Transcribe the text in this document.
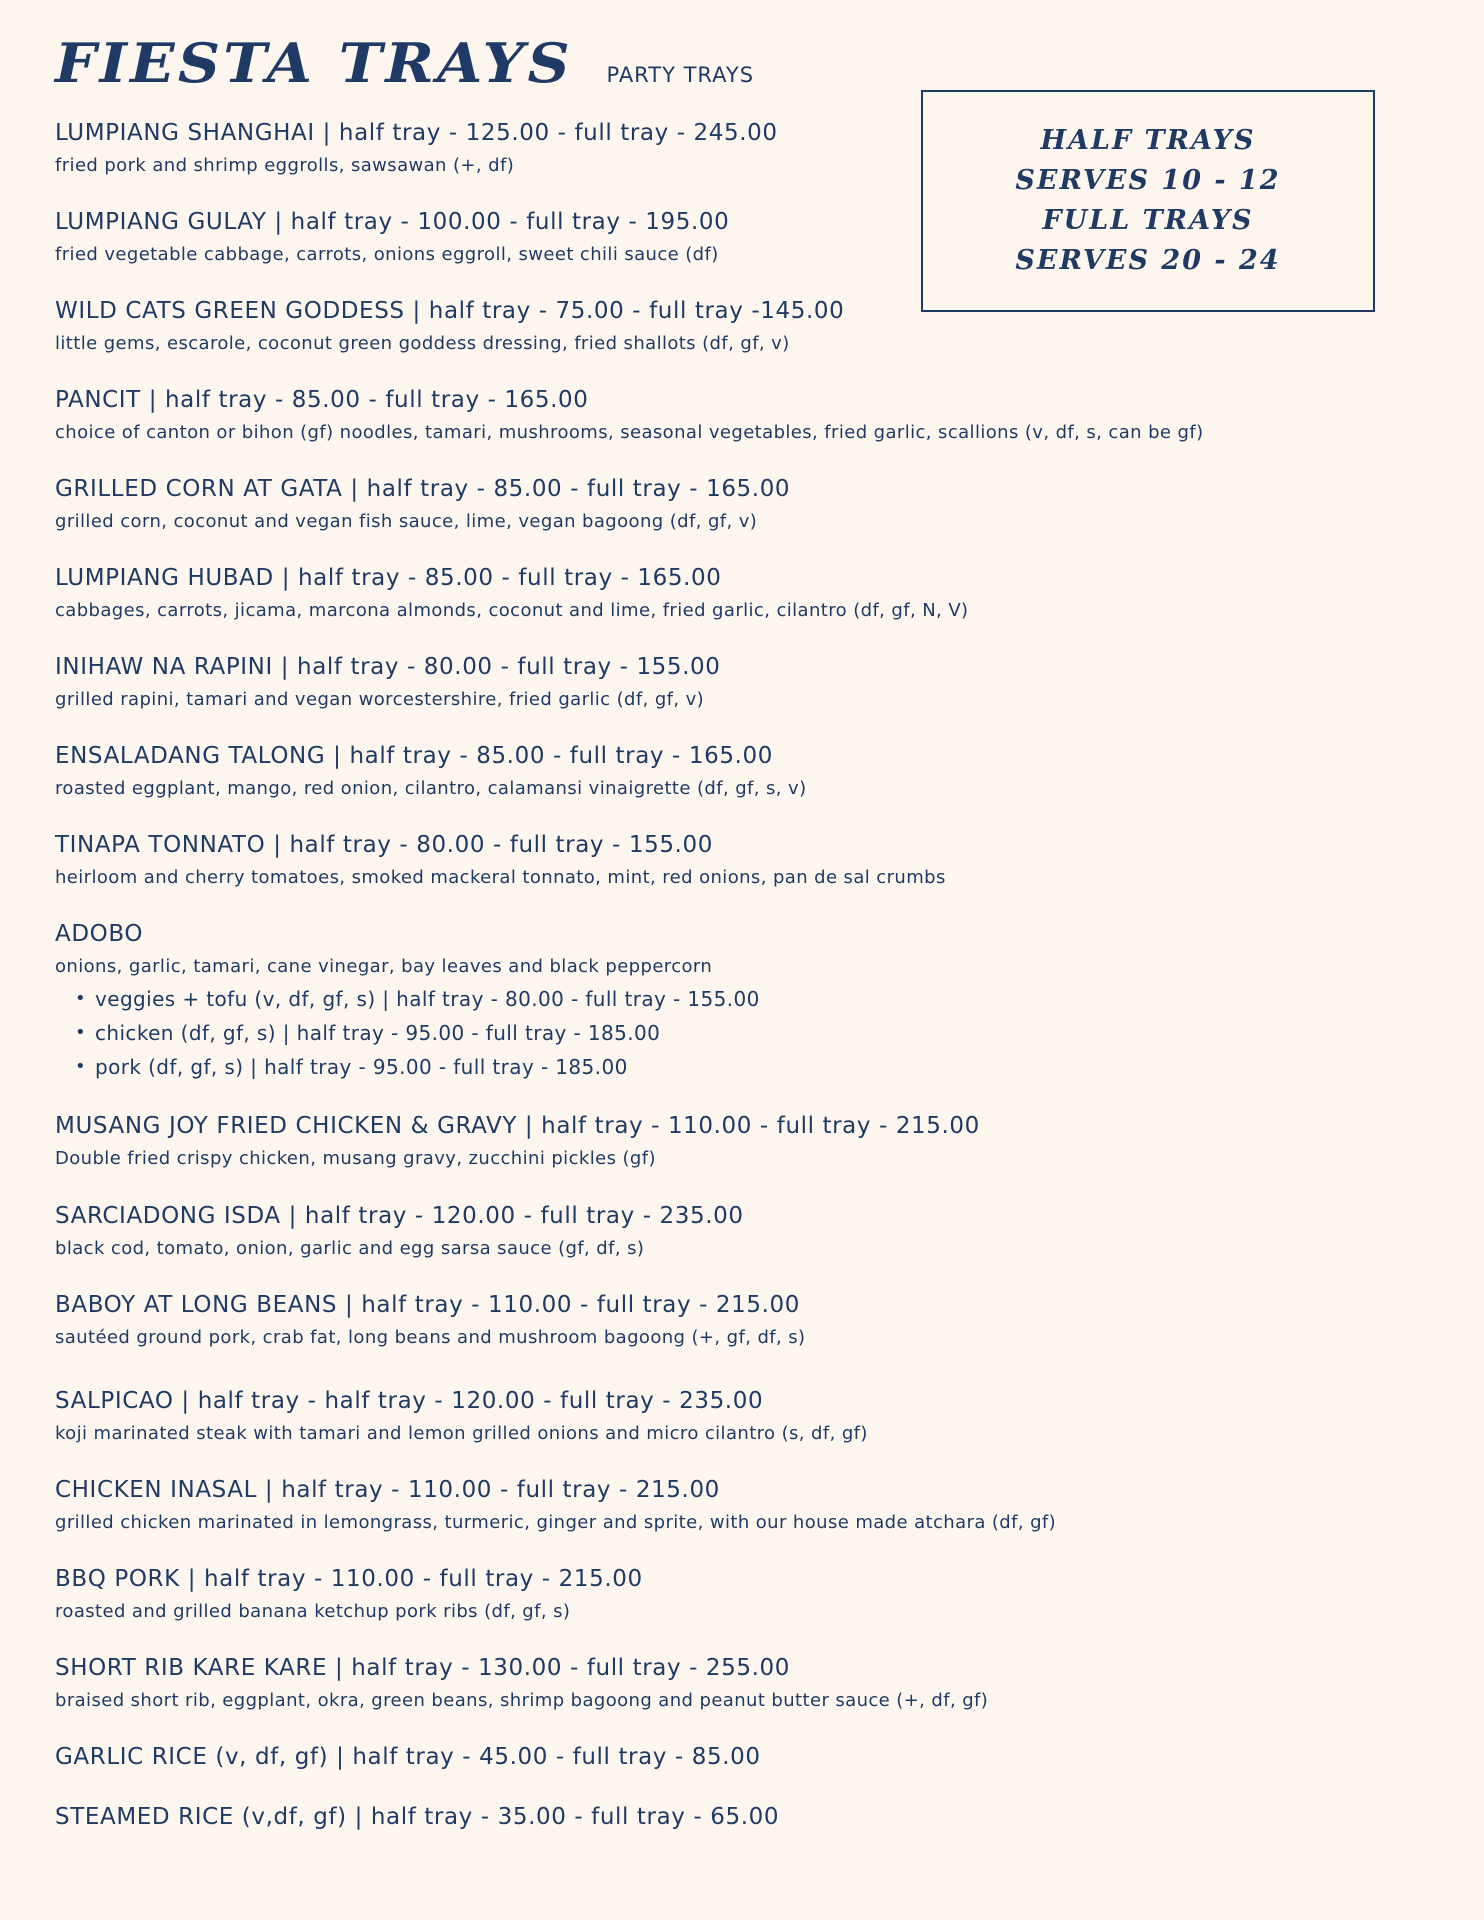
FIESTA TRAYS PARTY TRAYS
HALF TRAYS
SERVES 10 - 12
FULL TRAYS
SERVES 20 - 24
LUMPIANG SHANGHAI | half tray - 125.00 - full tray - 245.00
fried pork and shrimp eggrolls, sawsawan (+, df)
LUMPIANG GULAY | half tray - 100.00 - full tray - 195.00
fried vegetable cabbage, carrots, onions eggroll, sweet chili sauce (df)
WILD CATS GREEN GODDESS | half tray - 75.00 - full tray -145.00
little gems, escarole, coconut green goddess dressing, fried shallots (df, gf, v)
PANCIT | half tray - 85.00 - full tray - 165.00
choice of canton or bihon (gf) noodles, tamari, mushrooms, seasonal vegetables, fried garlic, scallions (v, df, s, can be gf)
GRILLED CORN AT GATA | half tray - 85.00 - full tray - 165.00
grilled corn, coconut and vegan fish sauce, lime, vegan bagoong (df, gf, v)
LUMPIANG HUBAD | half tray - 85.00 - full tray - 165.00
cabbages, carrots, jicama, marcona almonds, coconut and lime, fried garlic, cilantro (df, gf, N, V)
INIHAW NA RAPINI | half tray - 80.00 - full tray - 155.00
grilled rapini, tamari and vegan worcestershire, fried garlic (df, gf, v)
ENSALADANG TALONG | half tray - 85.00 - full tray - 165.00
roasted eggplant, mango, red onion, cilantro, calamansi vinaigrette (df, gf, s, v)
TINAPA TONNATO | half tray - 80.00 - full tray - 155.00
heirloom and cherry tomatoes, smoked mackeral tonnato, mint, red onions, pan de sal crumbs
ADOBO
onions, garlic, tamari, cane vinegar, bay leaves and black peppercorn
• veggies + tofu (v, df, gf, s) | half tray - 80.00 - full tray - 155.00
• chicken (df, gf, s) | half tray - 95.00 - full tray - 185.00
• pork (df, gf, s) | half tray - 95.00 - full tray - 185.00
MUSANG JOY FRIED CHICKEN & GRAVY | half tray - 110.00 - full tray - 215.00
Double fried crispy chicken, musang gravy, zucchini pickles (gf)
SARCIADONG ISDA | half tray - 120.00 - full tray - 235.00
black cod, tomato, onion, garlic and egg sarsa sauce (gf, df, s)
BABOY AT LONG BEANS | half tray - 110.00 - full tray - 215.00
sautéed ground pork, crab fat, long beans and mushroom bagoong (+, gf, df, s)
SALPICAO | half tray - half tray - 120.00 - full tray - 235.00
koji marinated steak with tamari and lemon grilled onions and micro cilantro (s, df, gf)
CHICKEN INASAL | half tray - 110.00 - full tray - 215.00
grilled chicken marinated in lemongrass, turmeric, ginger and sprite, with our house made atchara (df, gf)
BBQ PORK | half tray - 110.00 - full tray - 215.00
roasted and grilled banana ketchup pork ribs (df, gf, s)
SHORT RIB KARE KARE | half tray - 130.00 - full tray - 255.00
braised short rib, eggplant, okra, green beans, shrimp bagoong and peanut butter sauce (+, df, gf)
GARLIC RICE (v, df, gf) | half tray - 45.00 - full tray - 85.00
STEAMED RICE (v,df, gf) | half tray - 35.00 - full tray - 65.00
